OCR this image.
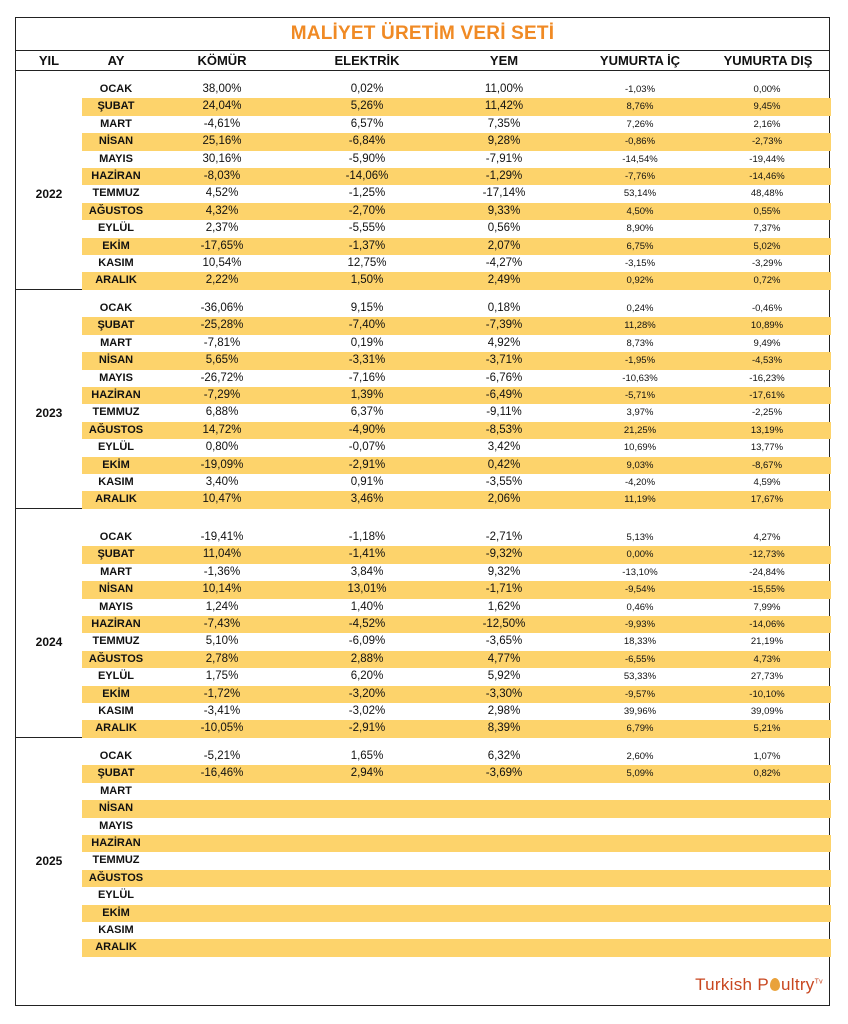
MALİYET ÜRETİM VERİ SETİ
YIL	AY	KÖMÜR	ELEKTRİK	YEM	YUMURTA İÇ	YUMURTA DIŞ
2022
OCAK	38,00%	0,02%	11,00%	-1,03%	0,00%
ŞUBAT	24,04%	5,26%	11,42%	8,76%	9,45%
MART	-4,61%	6,57%	7,35%	7,26%	2,16%
NİSAN	25,16%	-6,84%	9,28%	-0,86%	-2,73%
MAYIS	30,16%	-5,90%	-7,91%	-14,54%	-19,44%
HAZİRAN	-8,03%	-14,06%	-1,29%	-7,76%	-14,46%
TEMMUZ	4,52%	-1,25%	-17,14%	53,14%	48,48%
AĞUSTOS	4,32%	-2,70%	9,33%	4,50%	0,55%
EYLÜL	2,37%	-5,55%	0,56%	8,90%	7,37%
EKİM	-17,65%	-1,37%	2,07%	6,75%	5,02%
KASIM	10,54%	12,75%	-4,27%	-3,15%	-3,29%
ARALIK	2,22%	1,50%	2,49%	0,92%	0,72%
2023
OCAK	-36,06%	9,15%	0,18%	0,24%	-0,46%
ŞUBAT	-25,28%	-7,40%	-7,39%	11,28%	10,89%
MART	-7,81%	0,19%	4,92%	8,73%	9,49%
NİSAN	5,65%	-3,31%	-3,71%	-1,95%	-4,53%
MAYIS	-26,72%	-7,16%	-6,76%	-10,63%	-16,23%
HAZİRAN	-7,29%	1,39%	-6,49%	-5,71%	-17,61%
TEMMUZ	6,88%	6,37%	-9,11%	3,97%	-2,25%
AĞUSTOS	14,72%	-4,90%	-8,53%	21,25%	13,19%
EYLÜL	0,80%	-0,07%	3,42%	10,69%	13,77%
EKİM	-19,09%	-2,91%	0,42%	9,03%	-8,67%
KASIM	3,40%	0,91%	-3,55%	-4,20%	4,59%
ARALIK	10,47%	3,46%	2,06%	11,19%	17,67%
2024
OCAK	-19,41%	-1,18%	-2,71%	5,13%	4,27%
ŞUBAT	11,04%	-1,41%	-9,32%	0,00%	-12,73%
MART	-1,36%	3,84%	9,32%	-13,10%	-24,84%
NİSAN	10,14%	13,01%	-1,71%	-9,54%	-15,55%
MAYIS	1,24%	1,40%	1,62%	0,46%	7,99%
HAZİRAN	-7,43%	-4,52%	-12,50%	-9,93%	-14,06%
TEMMUZ	5,10%	-6,09%	-3,65%	18,33%	21,19%
AĞUSTOS	2,78%	2,88%	4,77%	-6,55%	4,73%
EYLÜL	1,75%	6,20%	5,92%	53,33%	27,73%
EKİM	-1,72%	-3,20%	-3,30%	-9,57%	-10,10%
KASIM	-3,41%	-3,02%	2,98%	39,96%	39,09%
ARALIK	-10,05%	-2,91%	8,39%	6,79%	5,21%
2025
OCAK	-5,21%	1,65%	6,32%	2,60%	1,07%
ŞUBAT	-16,46%	2,94%	-3,69%	5,09%	0,82%
MART
NİSAN
MAYIS
HAZİRAN
TEMMUZ
AĞUSTOS
EYLÜL
EKİM
KASIM
ARALIK
Turkish P ultry$^{Tv}$
